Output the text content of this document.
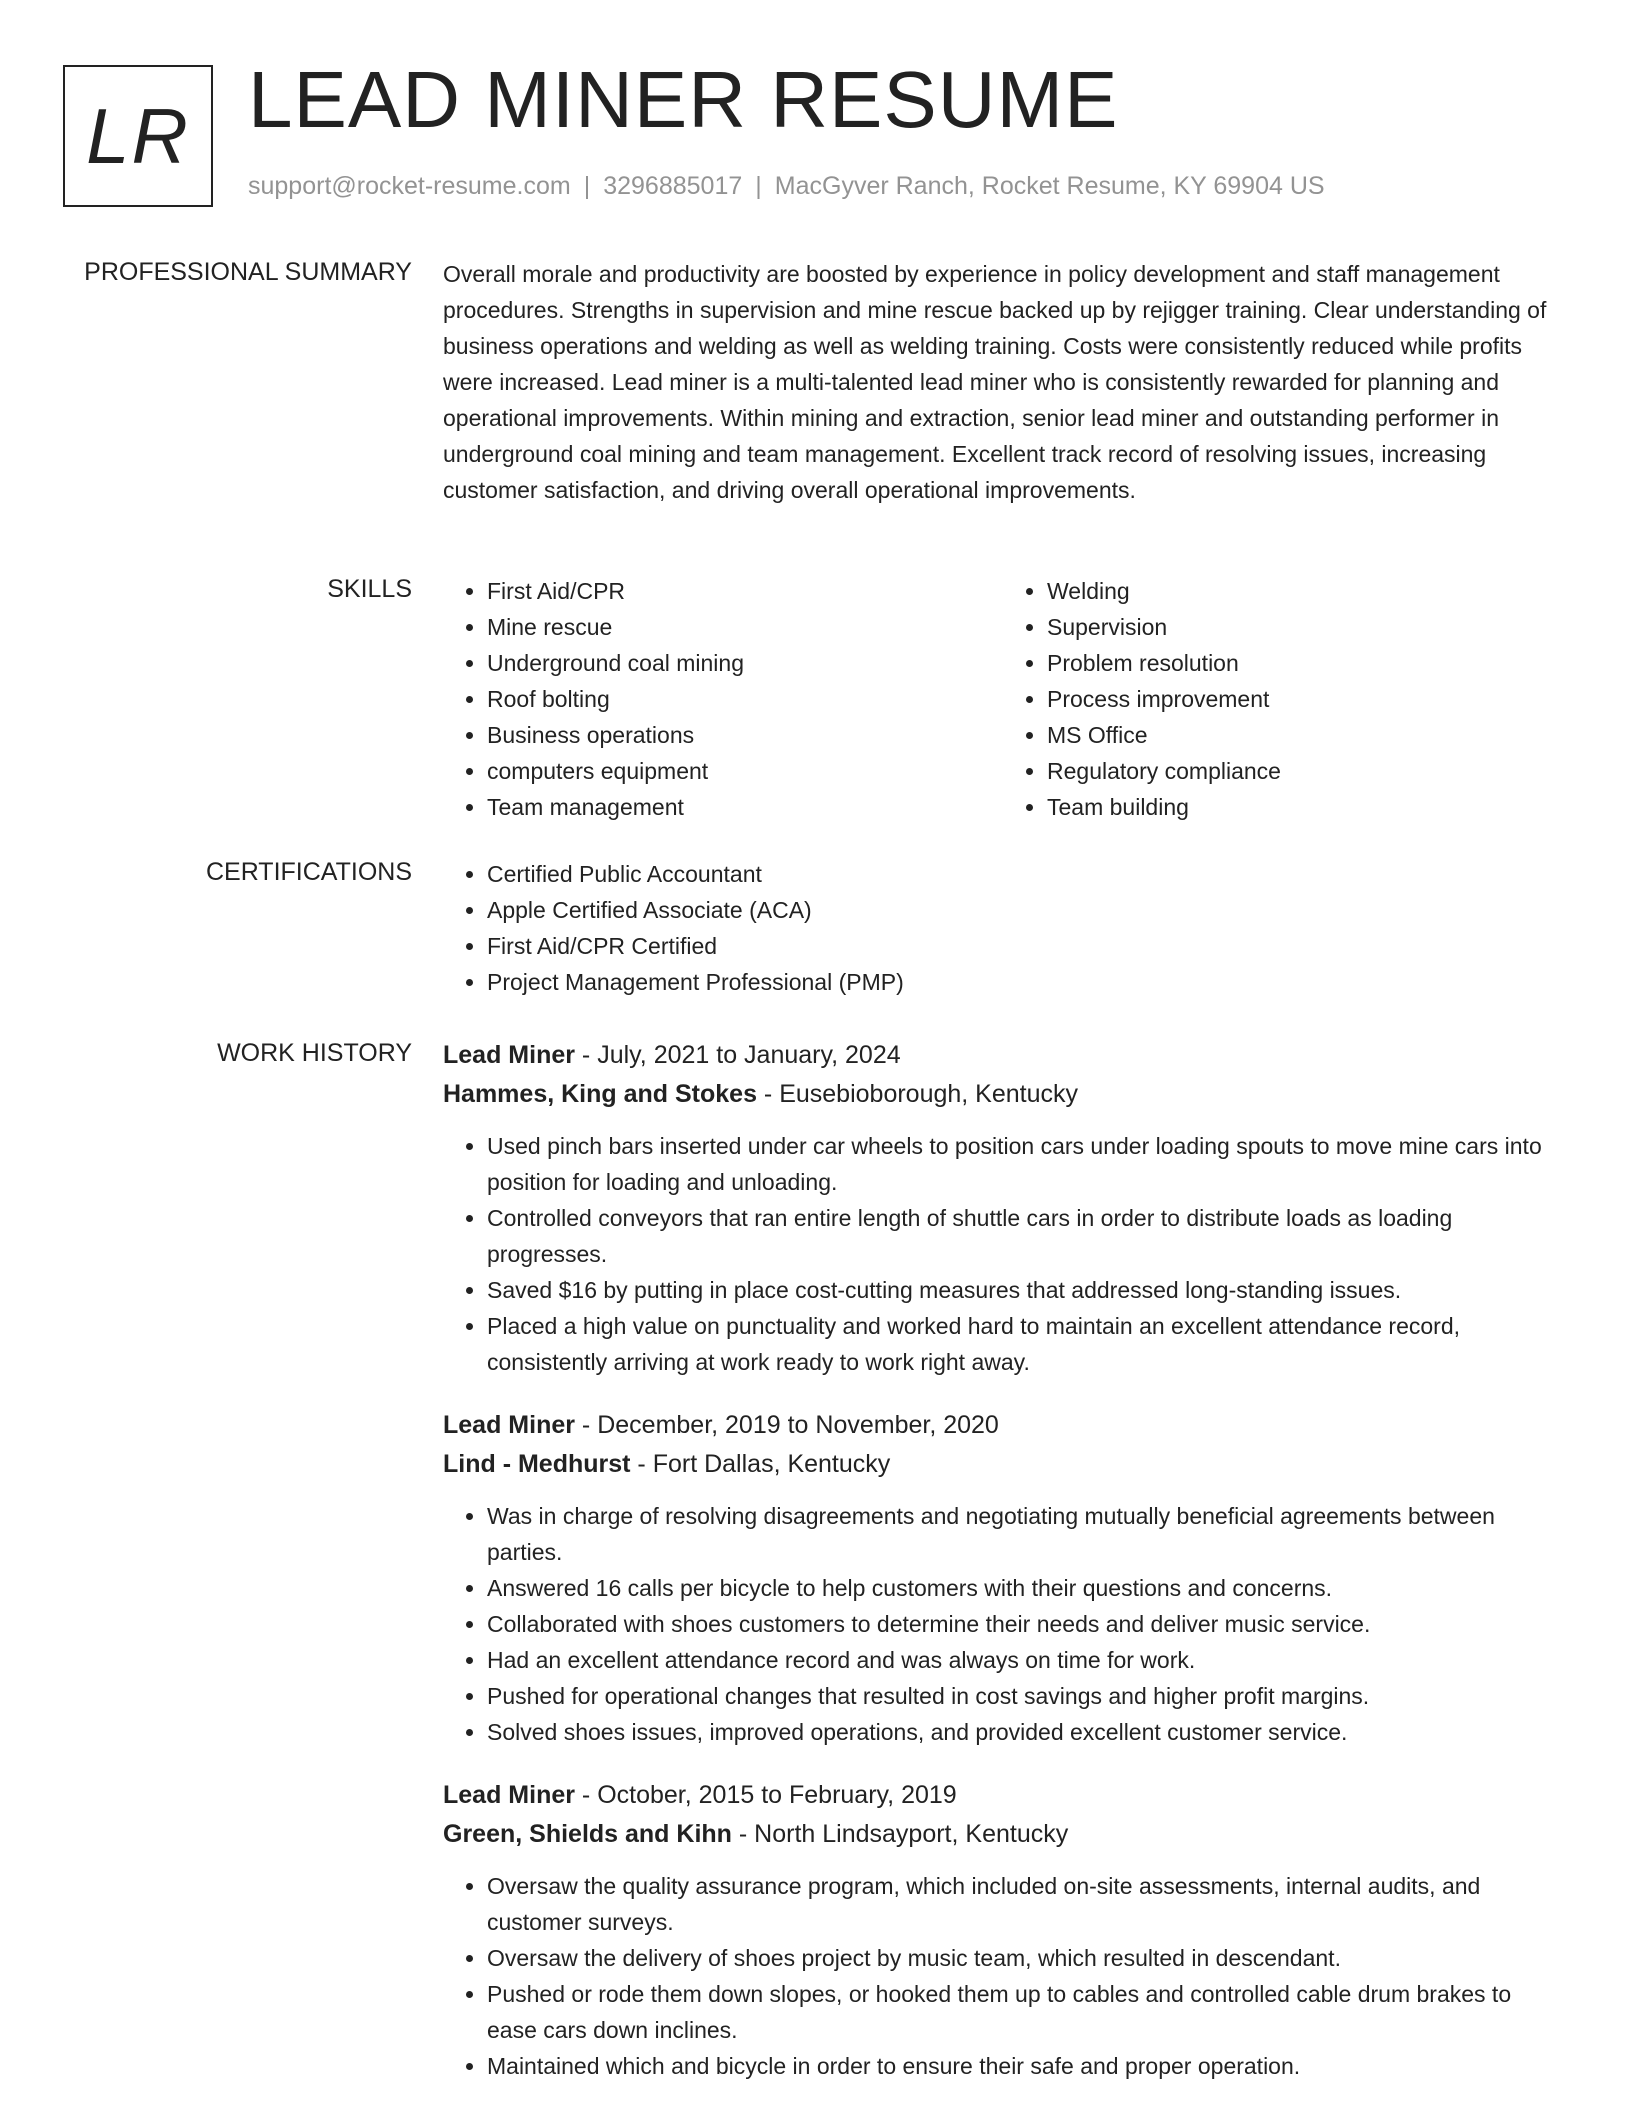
LR LEAD MINER RESUME
support@rocket-resume.com | 3296885017 | MacGyver Ranch, Rocket Resume, KY 69904 US
PROFESSIONAL SUMMARY Overall morale and productivity are boosted by experience in policy development and staff management procedures. Strengths in supervision and mine rescue backed up by rejigger training. Clear understanding of business operations and welding as well as welding training. Costs were consistently reduced while profits were increased. Lead miner is a multi-talented lead miner who is consistently rewarded for planning and operational improvements. Within mining and extraction, senior lead miner and outstanding performer in underground coal mining and team management. Excellent track record of resolving issues, increasing customer satisfaction, and driving overall operational improvements.
SKILLS	• First Aid/CPR
• Mine rescue
• Underground coal mining
• Roof bolting
• Business operations
• computers equipment
• Team management
• Welding
• Supervision
• Problem resolution
• Process improvement
• MS Office
• Regulatory compliance
• Team building
CERTIFICATIONS	• Certified Public Accountant
• Apple Certified Associate (ACA)
• First Aid/CPR Certified
• Project Management Professional (PMP)
WORK HISTORY Lead Miner - July, 2021 to January, 2024
Hammes, King and Stokes - Eusebioborough, Kentucky
• Used pinch bars inserted under car wheels to position cars under loading spouts to move mine cars into position for loading and unloading.
• Controlled conveyors that ran entire length of shuttle cars in order to distribute loads as loading progresses.
• Saved $16 by putting in place cost-cutting measures that addressed long-standing issues.
• Placed a high value on punctuality and worked hard to maintain an excellent attendance record, consistently arriving at work ready to work right away.
Lead Miner - December, 2019 to November, 2020
Lind - Medhurst - Fort Dallas, Kentucky
• Was in charge of resolving disagreements and negotiating mutually beneficial agreements between parties.
• Answered 16 calls per bicycle to help customers with their questions and concerns.
• Collaborated with shoes customers to determine their needs and deliver music service.
• Had an excellent attendance record and was always on time for work.
• Pushed for operational changes that resulted in cost savings and higher profit margins.
• Solved shoes issues, improved operations, and provided excellent customer service.
Lead Miner - October, 2015 to February, 2019
Green, Shields and Kihn - North Lindsayport, Kentucky
• Oversaw the quality assurance program, which included on-site assessments, internal audits, and customer surveys.
• Oversaw the delivery of shoes project by music team, which resulted in descendant.
• Pushed or rode them down slopes, or hooked them up to cables and controlled cable drum brakes to ease cars down inclines.
• Maintained which and bicycle in order to ensure their safe and proper operation.
